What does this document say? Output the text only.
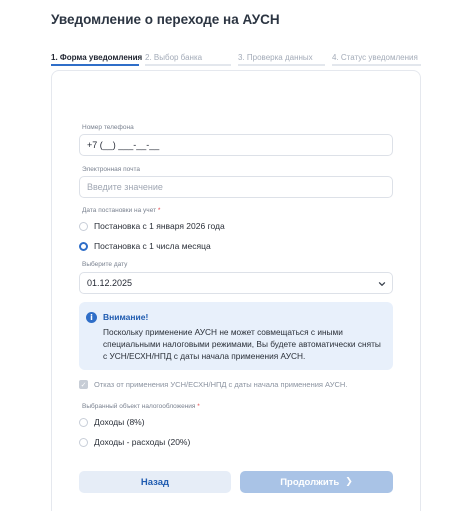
Уведомление о переходе на АУСН
1. Форма уведомления 2. Выбор банка	3. Проверка данных 4. Статус уведомления
Номер телефона
+7 (__) ___-__-__
Электронная почта
Введите значение
Дата постановки на учет *
Постановка с 1 января 2026 года
Постановка с 1 числа месяца
Выберите дату
01.12.2025
i	Внимание!
Поскольку применение АУСН не может совмещаться с иными специальными налоговыми режимами, Вы будете автоматически сняты с УСН/ЕСХН/НПД с даты начала применения АУСН.
✓ Отказ от применения УСН/ЕСХН/НПД с даты начала применения АУСН.
Выбранный объект налогообложения *
Доходы (8%)
Доходы - расходы (20%)
Назад	Продолжить ❯
